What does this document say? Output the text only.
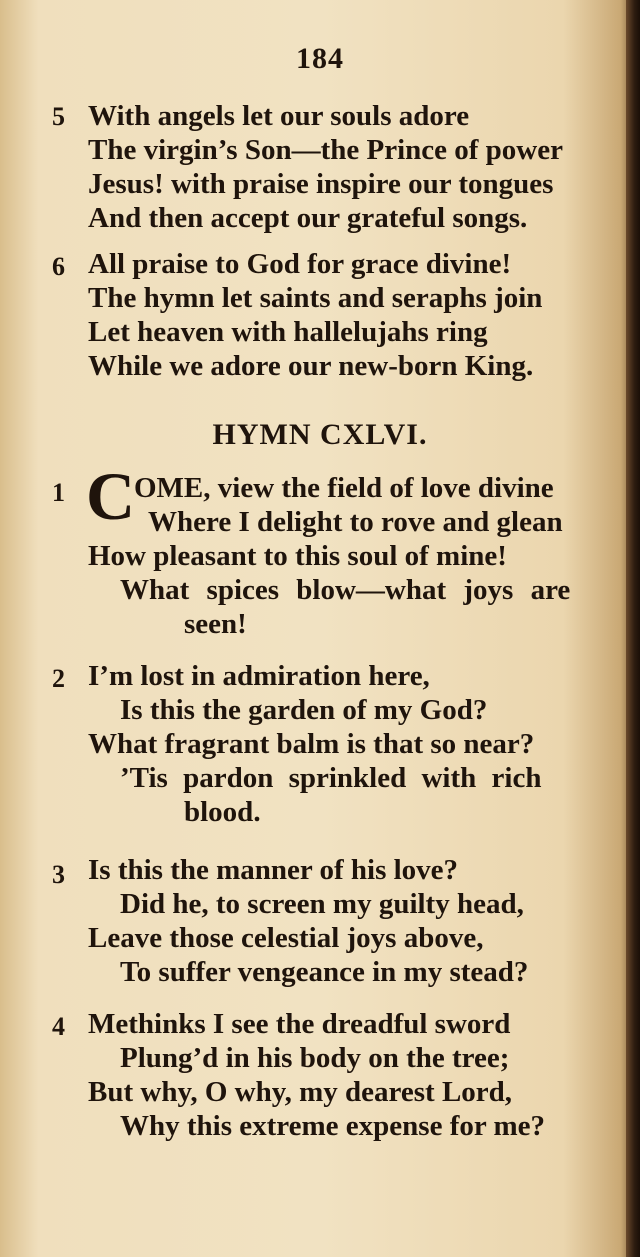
184
5 With angels let our souls adore
The virgin’s Son—the Prince of power
Jesus! with praise inspire our tongues
And then accept our grateful songs.
6 All praise to God for grace divine!
The hymn let saints and seraphs join
Let heaven with hallelujahs ring
While we adore our new-born King.
HYMN CXLVI.
1 C
OME, view the field of love divine
Where I delight to rove and glean
How pleasant to this soul of mine!
What spices blow—what joys are
seen!
2 I’m lost in admiration here,
Is this the garden of my God?
What fragrant balm is that so near?
’Tis pardon sprinkled with rich
blood.
3 Is this the manner of his love?
Did he, to screen my guilty head,
Leave those celestial joys above,
To suffer vengeance in my stead?
4 Methinks I see the dreadful sword
Plung’d in his body on the tree;
But why, O why, my dearest Lord,
Why this extreme expense for me?
